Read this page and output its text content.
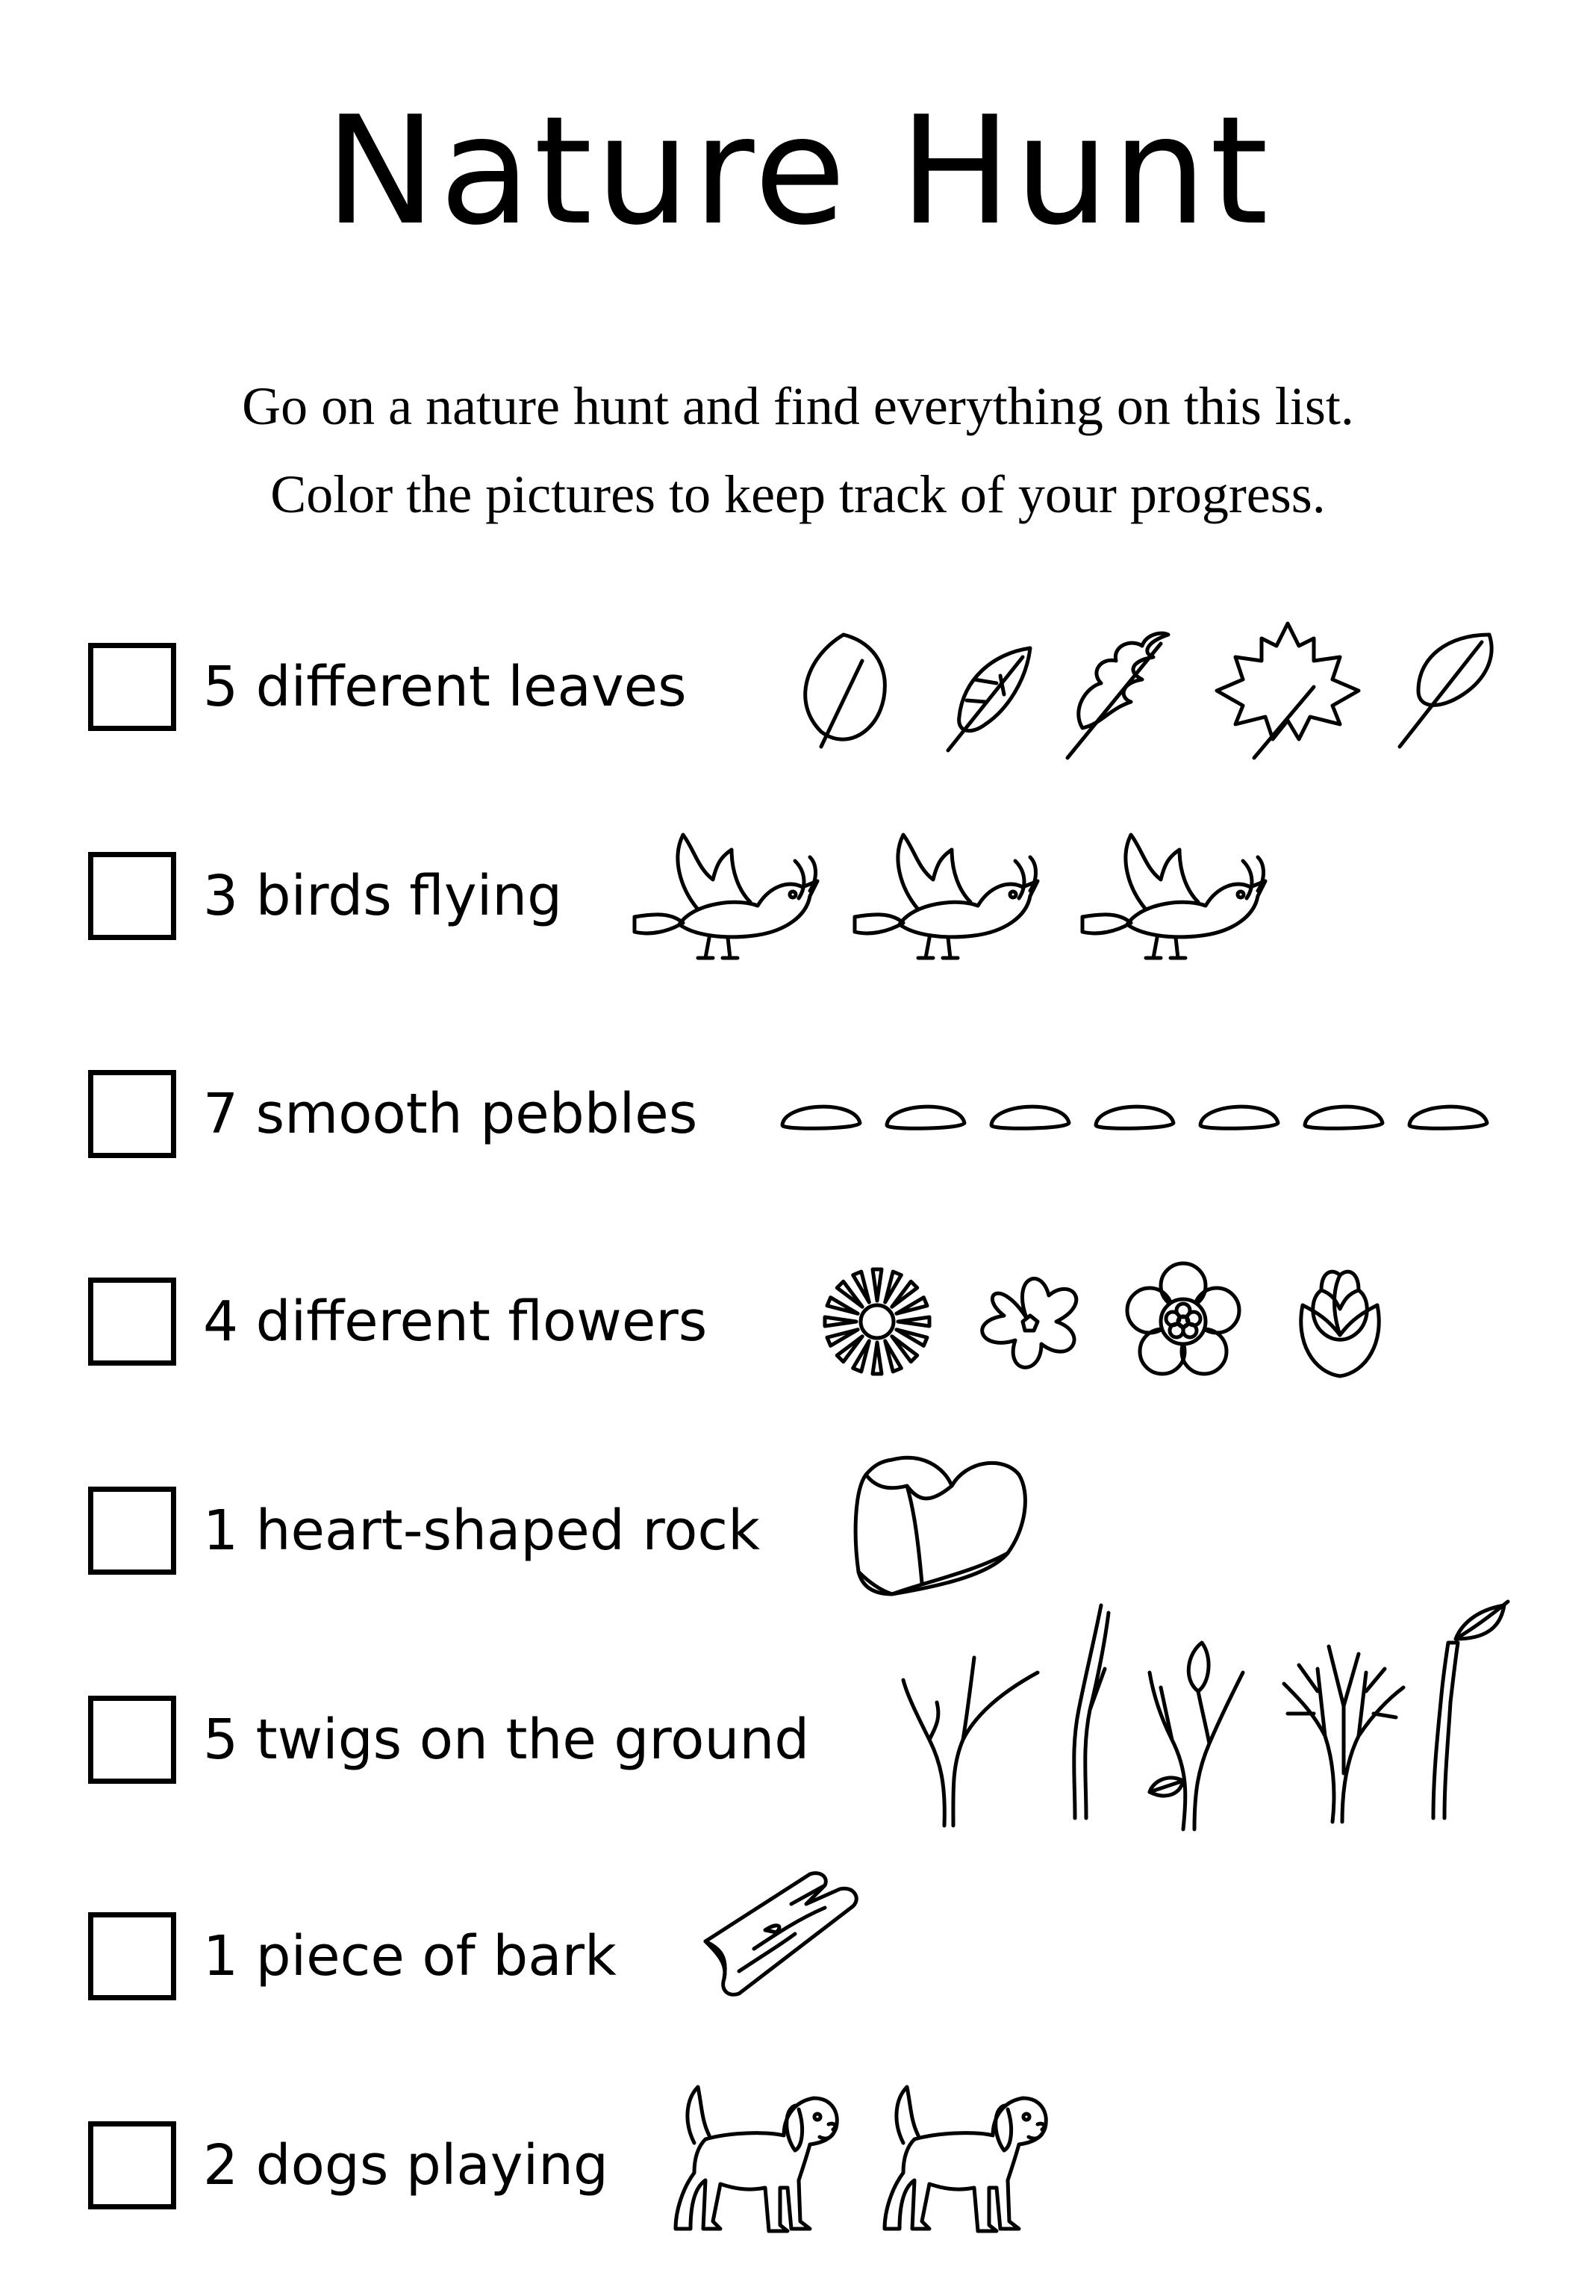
Nature Hunt
Go on a nature hunt and find everything on this list.
Color the pictures to keep track of your progress.
5 different leaves
3 birds flying
7 smooth pebbles
4 different flowers
1 heart-shaped rock
5 twigs on the ground
1 piece of bark
2 dogs playing
